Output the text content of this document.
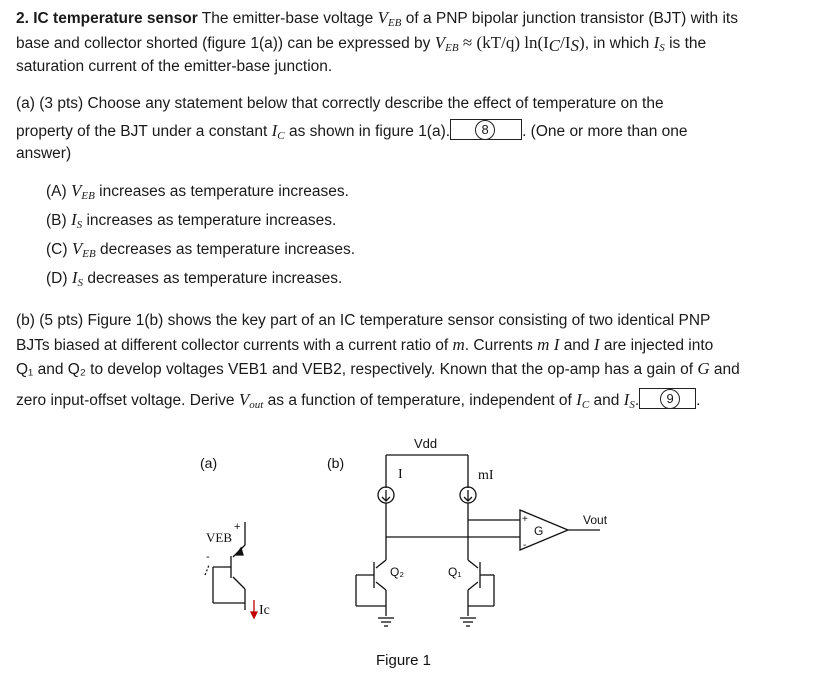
2. IC temperature sensor The emitter-base voltage $V_{EB}$ of a PNP bipolar junction transistor (BJT) with its
base and collector shorted (figure 1(a)) can be expressed by $V_{EB} \approx (kT/q)$ $\ln(I_C/I_S)$, in which $I_S$ is the
saturation current of the emitter-base junction.
(a) (3 pts) Choose any statement below that correctly describe the effect of temperature on the
property of the BJT under a constant $I_C$ as shown in figure 1(a).	8	. (One or more than one
answer)
(A) $V_{EB}$ increases as temperature increases.
(B) $I_S$ increases as temperature increases.
(C) $V_{EB}$ decreases as temperature increases.
(D) $I_S$ decreases as temperature increases.
(b) (5 pts) Figure 1(b) shows the key part of an IC temperature sensor consisting of two identical PNP
BJTs biased at different collector currents with a current ratio of m. Currents m I and I are injected into
Q₁ and Q₂ to develop voltages VEB1 and VEB2, respectively. Known that the op-amp has a gain of G and
zero input-offset voltage. Derive $V_{out}$ as a function of temperature, independent of $I_C$ and $I_S$.	9	.
(a)	(b)
VEB
+
-
Ic
Vdd
I	mI
+
-
G
Vout
Q₂	Q₁
Figure 1
